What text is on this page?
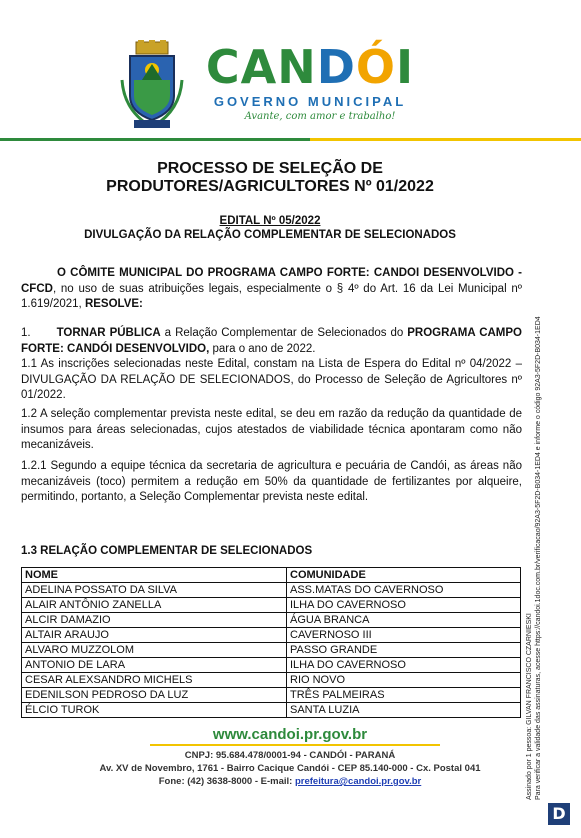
CANDÓI
GOVERNO MUNICIPAL
Avante, com amor e trabalho!
PROCESSO DE SELEÇÃO DE
PRODUTORES/AGRICULTORES Nº 01/2022
EDITAL Nº 05/2022
DIVULGAÇÃO DA RELAÇÃO COMPLEMENTAR DE SELECIONADOS
O CÔMITE MUNICIPAL DO PROGRAMA CAMPO FORTE: CANDOI DESENVOLVIDO - CFCD, no uso de suas atribuições legais, especialmente o § 4º do Art. 16 da Lei Municipal nº 1.619/2021, RESOLVE:
1. TORNAR PÚBLICA a Relação Complementar de Selecionados do PROGRAMA CAMPO FORTE: CANDÓI DESENVOLVIDO, para o ano de 2022.
1.1 As inscrições selecionadas neste Edital, constam na Lista de Espera do Edital nº 04/2022 – DIVULGAÇÃO DA RELAÇÃO DE SELECIONADOS, do Processo de Seleção de Agricultores nº 01/2022.
1.2 A seleção complementar prevista neste edital, se deu em razão da redução da quantidade de insumos para áreas selecionadas, cujos atestados de viabilidade técnica apontaram como não mecanizáveis.
1.2.1 Segundo a equipe técnica da secretaria de agricultura e pecuária de Candói, as áreas não mecanizáveis (toco) permitem a redução em 50% da quantidade de fertilizantes por alqueire, permitindo, portanto, a Seleção Complementar prevista neste edital.
1.3 RELAÇÃO COMPLEMENTAR DE SELECIONADOS
NOME	COMUNIDADE
ADELINA POSSATO DA SILVA	ASS.MATAS DO CAVERNOSO
ALAIR ANTÔNIO ZANELLA	ILHA DO CAVERNOSO
ALCIR DAMAZIO	ÁGUA BRANCA
ALTAIR ARAUJO	CAVERNOSO III
ALVARO MUZZOLOM	PASSO GRANDE
ANTONIO DE LARA	ILHA DO CAVERNOSO
CESAR ALEXSANDRO MICHELS	RIO NOVO
EDENILSON PEDROSO DA LUZ	TRÊS PALMEIRAS
ÉLCIO TUROK	SANTA LUZIA
www.candoi.pr.gov.br
CNPJ: 95.684.478/0001-94 - CANDÓI - PARANÁ
Av. XV de Novembro, 1761 - Bairro Cacique Candói - CEP 85.140-000 - Cx. Postal 041
Fone: (42) 3638-8000 - E-mail: prefeitura@candoi.pr.gov.br	Assinado por 1 pessoa: GILVAN FRANCISCO CZARNIESKI Para verificar a validade das assinaturas, acesse https://candoi.1doc.com.br/verificacao/92A3-5F2D-B034-1ED4 e informe o código 92A3-5F2D-B034-1ED4
D
